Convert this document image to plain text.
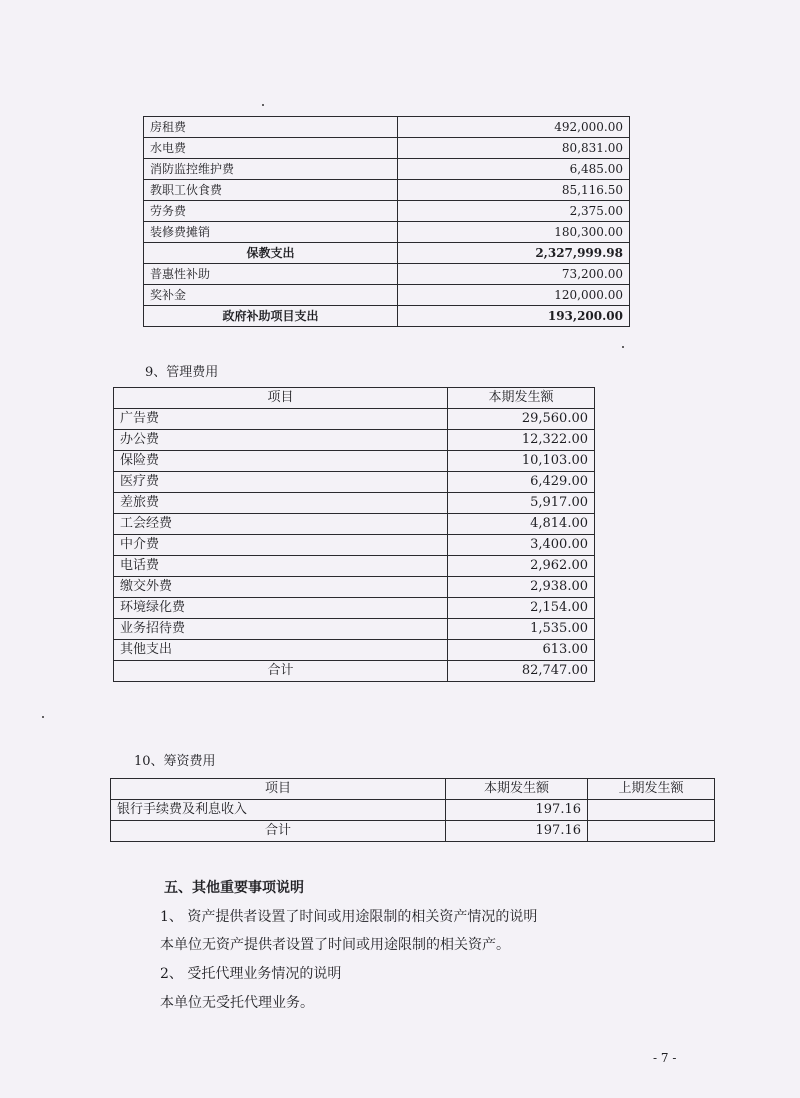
房租费	492,000.00
水电费	80,831.00
消防监控维护费	6,485.00
教职工伙食费	85,116.50
劳务费	2,375.00
装修费摊销	180,300.00
保教支出	2,327,999.98
普惠性补助	73,200.00
奖补金	120,000.00
政府补助项目支出	193,200.00
9、管理费用
项目	本期发生额
广告费	29,560.00
办公费	12,322.00
保险费	10,103.00
医疗费	6,429.00
差旅费	5,917.00
工会经费	4,814.00
中介费	3,400.00
电话费	2,962.00
缴交外费	2,938.00
环境绿化费	2,154.00
业务招待费	1,535.00
其他支出	613.00
合计	82,747.00
10、筹资费用
项目	本期发生额	上期发生额
银行手续费及利息收入	197.16	
合计	197.16	
五、其他重要事项说明
1、 资产提供者设置了时间或用途限制的相关资产情况的说明
本单位无资产提供者设置了时间或用途限制的相关资产。
2、 受托代理业务情况的说明
本单位无受托代理业务。
- 7 -
